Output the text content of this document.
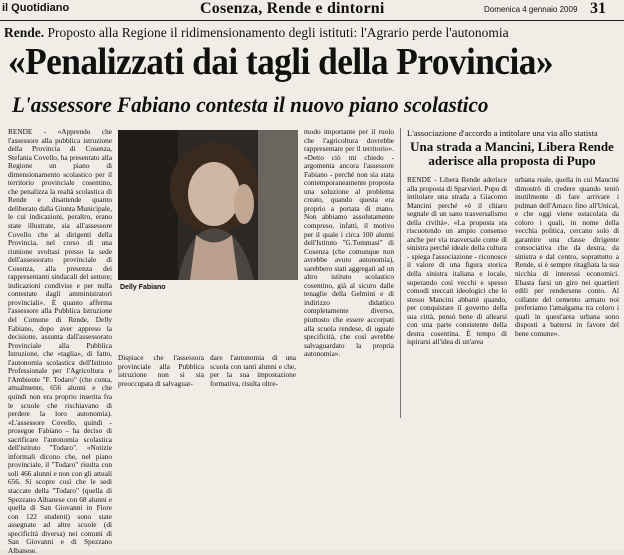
il Quotidiano	Cosenza, Rende e dintorni	Domenica 4 gennaio 2009 31
Rende. Proposto alla Regione il ridimensionamento degli istituti: l'Agrario perde l'autonomia
«Penalizzati dai tagli della Provincia»
L'assessore Fabiano contesta il nuovo piano scolastico

RENDE - «Apprendo che l'assessore alla pubblica istruzione della Provincia di Cosenza, Stefania Covello, ha presentato alla Regione un piano di dimensionamento scolastico per il territorio provinciale cosentino, che penalizza la realtà scolastica di Rende e disattende quanto deliberato dalla Giunta Municipale, le cui indicazioni, peraltro, erano state illustrate, sia all'assessore Covello che ai dirigenti della Provincia, nel corso di una riunione svoltasi presso la sede dell'assessorato provinciale di Cosenza, alla presenza dei rappresentanti sindacali del settore; indicazioni condivise e per nulla contestate dagli amministratori provinciali». È quanto afferma l'assessore alla Pubblica Istruzione del Comune di Rende, Delly Fabiano, dopo aver appreso la decisione, assunta dall'assessorato Provinciale alla Pubblica Istruzione, che «taglia», di fatto, l'autonomia scolastica dell'Istituto Professionale per l'Agricoltura e l'Ambiente "F. Todaro" (che conta, attualmente, 656 alunni e che quindi non era proprio inserita fra le scuole che rischiavano di perdere la loro autonomia). «L'assessore Covello, quindi - prosegue Fabiano - ha deciso di sacrificare l'autonomia scolastica dell'istituto "Todaro". «Notizie informali dicono che, nel piano provinciale, il "Todaro" risulta con soli 466 alunni e non con gli attuali 656. Si scopre così che le sedi staccate della "Todaro" (quella di Spezzano Albanese con 68 alunni e quella di San Giovanni in Fiore con 122 studenti) sono state assegnate ad altre scuole (di specificità diversa) nei comuni di San Giovanni e di Spezzano Albanese.

Delly Fabiano

Dispiace che l'assessora provinciale alla Pubblica istruzione non si sia preoccupata di salvaguar-

dare l'autonomia di una scuola con tanti alunni e che, per la sua impostazione formativa, risulta oltre-

modo importante per il ruolo che l'agricoltura dovrebbe rappresentare per il territorio». «Detto ciò mi chiedo - argomenta ancora l'assessore Fabiano - perché non sia stata contemporaneamente proposta una soluzione al problema creato, quando questa era proprio a portata di mano. Non abbiamo assolutamente compreso, infatti, il motivo per il quale i circa 100 alunni dell'Istituto "G.Tommasi" di Cosenza (che comunque non avrebbe avuto autonomia), sarebbero stati aggregati ad un altro istituto scolastico cosentino, già al sicuro dalle tenaglie della Gelmini e di indirizzo didattico completamente diverso, piuttosto che essere accorpati alla scuola rendese, di uguale specificità, che così avrebbe salvaguardato la propria autonomia».

L'associazione d'accordo a intitolare una via allo statista
Una strada a Mancini, Libera Rende aderisce alla proposta di Pupo

RENDE - Libera Rende aderisce alla proposta di Sparvieri. Pupo di intitolare una strada a Giacomo Mancini perché «è il chiaro segnale di un sano trasversalismo della civiltà». «La proposta sta riscuotendo un ampio consenso anche per via trasversale come di sinistra perché ideale della cultura - spiega l'associazione - riconosce il valore di una figura storica della sinistra italiana e locale, superando così vecchi e spesso comodi steccati ideologici che lo stesso Mancini abbattè quando, per conquistare il governo della sua città, pensò bene di allearsi con una parte consistente della destra cosentina. È tempo di ispirarsi all'idea di un'area

urbana reale, quella in cui Mancini dimostrò di credere quando tentò inutilmente di fare arrivare i pulman dell'Amaco fino all'Unical, e che oggi viene ostacolata da coloro i quali, in nome della vecchia politica, cercano solo di garantire una classe dirigente consociativa che da destra, da sinistra e dal centro, soprattutto a Rende, si è sempre ritagliata la sua nicchia di interessi economici. Ebasta farsi un giro nei quartieri edili per rendersene conto. Al collante del cemento armato noi preferiamo l'amalgama tra coloro i quali in quest'area urbana sono disposti a battersi in favore del bene comune».
